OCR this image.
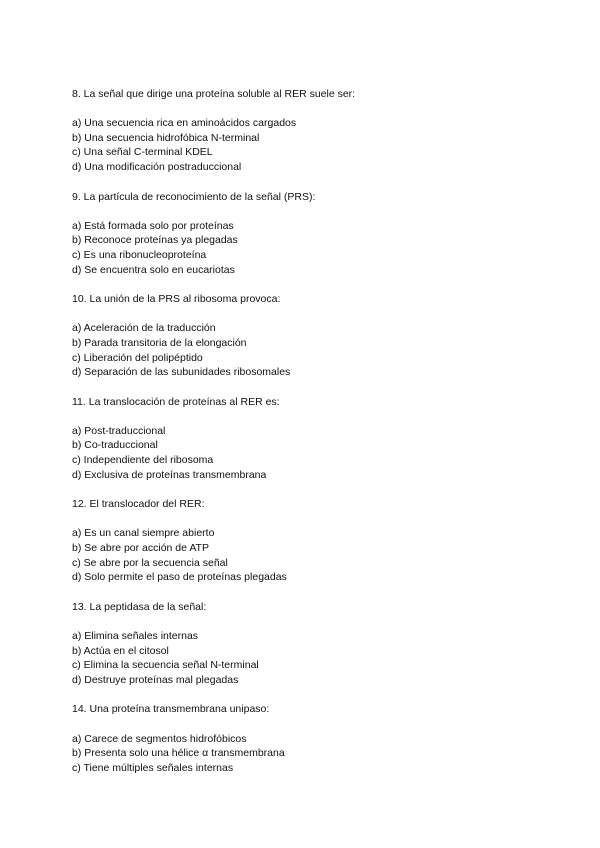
8. La señal que dirige una proteína soluble al RER suele ser:

a) Una secuencia rica en aminoácidos cargados

b) Una secuencia hidrofóbica N-terminal

c) Una señal C-terminal KDEL

d) Una modificación postraduccional

9. La partícula de reconocimiento de la señal (PRS):

a) Está formada solo por proteínas

b) Reconoce proteínas ya plegadas

c) Es una ribonucleoproteína

d) Se encuentra solo en eucariotas

10. La unión de la PRS al ribosoma provoca:

a) Aceleración de la traducción

b) Parada transitoria de la elongación

c) Liberación del polipéptido

d) Separación de las subunidades ribosomales

11. La translocación de proteínas al RER es:

a) Post-traduccional

b) Co-traduccional

c) Independiente del ribosoma

d) Exclusiva de proteínas transmembrana

12. El translocador del RER:

a) Es un canal siempre abierto

b) Se abre por acción de ATP

c) Se abre por la secuencia señal

d) Solo permite el paso de proteínas plegadas

13. La peptidasa de la señal:

a) Elimina señales internas

b) Actúa en el citosol

c) Elimina la secuencia señal N-terminal

d) Destruye proteínas mal plegadas

14. Una proteína transmembrana unipaso:

a) Carece de segmentos hidrofóbicos

b) Presenta solo una hélice α transmembrana

c) Tiene múltiples señales internas
